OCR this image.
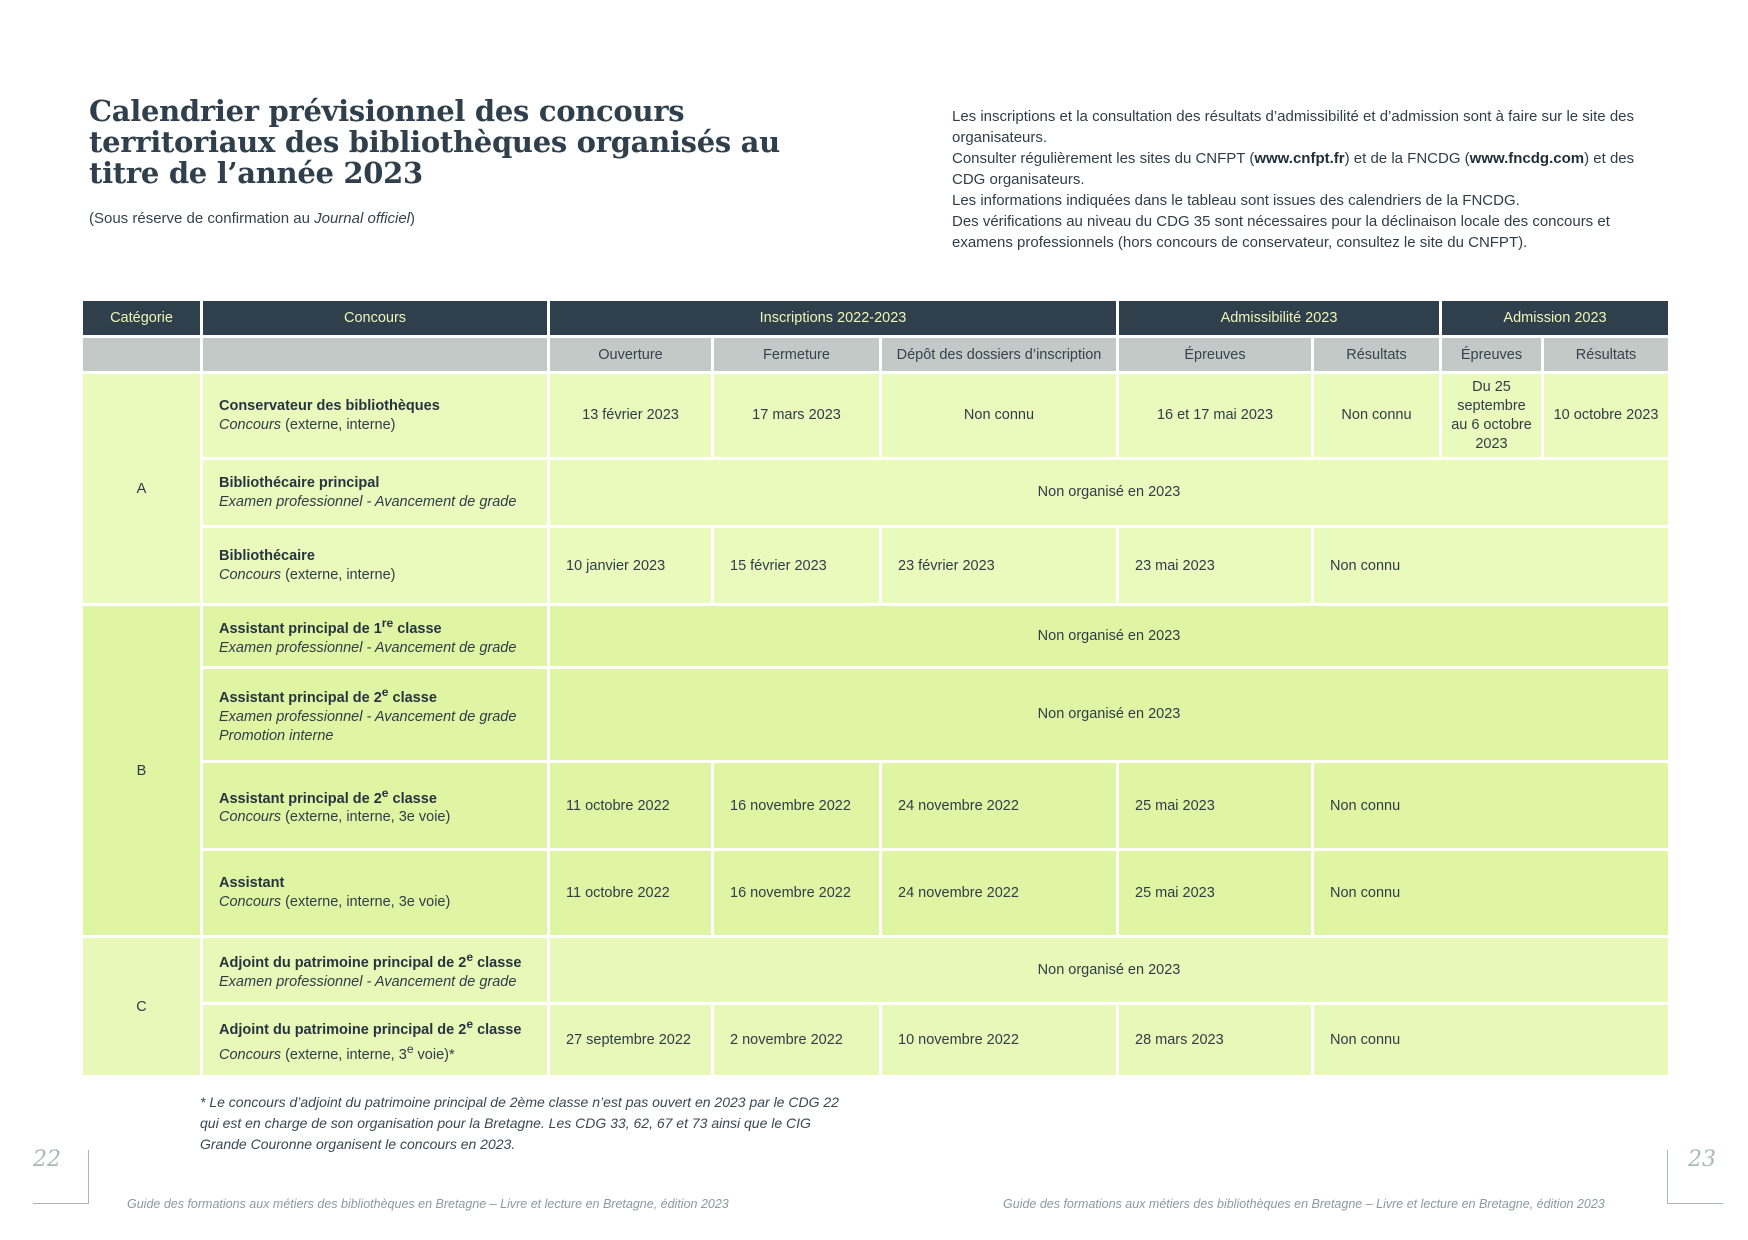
Calendrier prévisionnel des concours territoriaux des bibliothèques organisés au titre de l’année 2023

(Sous réserve de confirmation au Journal officiel)

Les inscriptions et la consultation des résultats d’admissibilité et d’admission sont à faire sur le site des organisateurs.
Consulter régulièrement les sites du CNFPT (www.cnfpt.fr) et de la FNCDG (www.fncdg.com) et des CDG organisateurs.
Les informations indiquées dans le tableau sont issues des calendriers de la FNCDG.
Des vérifications au niveau du CDG 35 sont nécessaires pour la déclinaison locale des concours et examens professionnels (hors concours de conservateur, consultez le site du CNFPT).
Catégorie	Concours	Inscriptions 2022-2023			Admissibilité 2023		Admission 2023	
		Ouverture	Fermeture	Dépôt des dossiers d’inscription	Épreuves	Résultats	Épreuves	Résultats
A	Conservateur des bibliothèques
Concours (externe, interne)	13 février 2023	17 mars 2023	Non connu	16 et 17 mai 2023	Non connu	Du 25 septembre au 6 octobre 2023	10 octobre 2023

	Bibliothécaire principal
Examen professionnel - Avancement de grade	Non organisé en 2023						

	Bibliothécaire
Concours (externe, interne)	10 janvier 2023	15 février 2023	23 février 2023	23 mai 2023	Non connu		
B	Assistant principal de 1re classe
Examen professionnel - Avancement de grade	Non organisé en 2023						

	Assistant principal de 2e classe
Examen professionnel - Avancement de grade
Promotion interne	Non organisé en 2023						

	Assistant principal de 2e classe
Concours (externe, interne, 3e voie)	11 octobre 2022	16 novembre 2022	24 novembre 2022	25 mai 2023	Non connu		

	Assistant
Concours (externe, interne, 3e voie)	11 octobre 2022	16 novembre 2022	24 novembre 2022	25 mai 2023	Non connu		
C	Adjoint du patrimoine principal de 2e classe
Examen professionnel - Avancement de grade	Non organisé en 2023						

	Adjoint du patrimoine principal de 2e classe
Concours (externe, interne, 3e voie)*	27 septembre 2022	2 novembre 2022	10 novembre 2022	28 mars 2023	Non connu		

* Le concours d’adjoint du patrimoine principal de 2ème classe n’est pas ouvert en 2023 par le CDG 22 qui est en charge de son organisation pour la Bretagne. Les CDG 33, 62, 67 et 73 ainsi que le CIG Grande Couronne organisent le concours en 2023.

22
Guide des formations aux métiers des bibliothèques en Bretagne – Livre et lecture en Bretagne, édition 2023
23
Guide des formations aux métiers des bibliothèques en Bretagne – Livre et lecture en Bretagne, édition 2023
